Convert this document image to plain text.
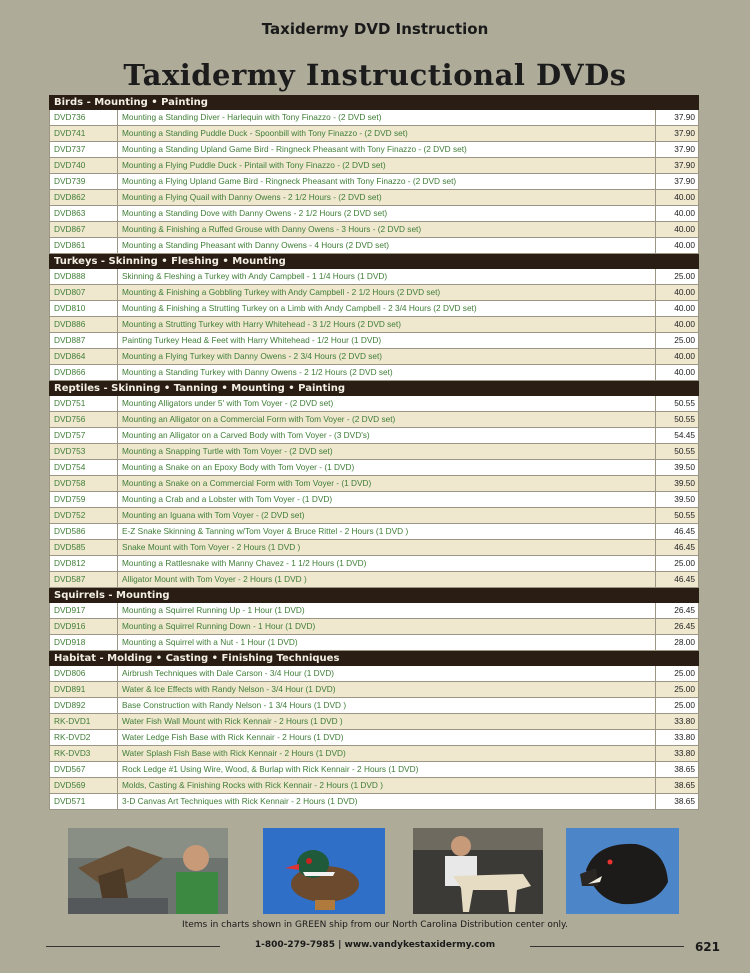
Taxidermy DVD Instruction
Taxidermy Instructional DVDs
Birds - Mounting • Painting
DVD736	Mounting a Standing Diver - Harlequin with Tony Finazzo - (2 DVD set)	37.90
DVD741	Mounting a Standing Puddle Duck - Spoonbill with Tony Finazzo - (2 DVD set)	37.90
DVD737	Mounting a Standing Upland Game Bird - Ringneck Pheasant with Tony Finazzo - (2 DVD set)	37.90
DVD740	Mounting a Flying Puddle Duck - Pintail with Tony Finazzo - (2 DVD set)	37.90
DVD739	Mounting a Flying Upland Game Bird - Ringneck Pheasant with Tony Finazzo - (2 DVD set)	37.90
DVD862	Mounting a Flying Quail with Danny Owens - 2 1/2 Hours - (2 DVD set)	40.00
DVD863	Mounting a Standing Dove with Danny Owens - 2 1/2 Hours (2 DVD set)	40.00
DVD867	Mounting & Finishing a Ruffed Grouse with Danny Owens - 3 Hours - (2 DVD set)	40.00
DVD861	Mounting a Standing Pheasant with Danny Owens - 4 Hours (2 DVD set)	40.00
Turkeys - Skinning • Fleshing • Mounting
DVD888	Skinning & Fleshing a Turkey with Andy Campbell - 1 1/4 Hours (1 DVD)	25.00
DVD807	Mounting & Finishing a Gobbling Turkey with Andy Campbell - 2 1/2 Hours (2 DVD set)	40.00
DVD810	Mounting & Finishing a Strutting Turkey on a Limb with Andy Campbell - 2 3/4 Hours (2 DVD set)	40.00
DVD886	Mounting a Strutting Turkey with Harry Whitehead - 3 1/2 Hours (2 DVD set)	40.00
DVD887	Painting Turkey Head & Feet with Harry Whitehead - 1/2 Hour (1 DVD)	25.00
DVD864	Mounting a Flying Turkey with Danny Owens - 2 3/4 Hours (2 DVD set)	40.00
DVD866	Mounting a Standing Turkey with Danny Owens - 2 1/2 Hours (2 DVD set)	40.00
Reptiles - Skinning • Tanning • Mounting • Painting
DVD751	Mounting Alligators under 5' with Tom Voyer - (2 DVD set)	50.55
DVD756	Mounting an Alligator on a Commercial Form with Tom Voyer - (2 DVD set)	50.55
DVD757	Mounting an Alligator on a Carved Body with Tom Voyer - (3 DVD's)	54.45
DVD753	Mounting a Snapping Turtle with Tom Voyer - (2 DVD set)	50.55
DVD754	Mounting a Snake on an Epoxy Body with Tom Voyer - (1 DVD)	39.50
DVD758	Mounting a Snake on a Commercial Form with Tom Voyer - (1 DVD)	39.50
DVD759	Mounting a Crab and a Lobster with Tom Voyer - (1 DVD)	39.50
DVD752	Mounting an Iguana with Tom Voyer - (2 DVD set)	50.55
DVD586	E-Z Snake Skinning & Tanning w/Tom Voyer & Bruce Rittel - 2 Hours (1 DVD )	46.45
DVD585	Snake Mount with Tom Voyer - 2 Hours (1 DVD )	46.45
DVD812	Mounting a Rattlesnake with Manny Chavez - 1 1/2 Hours (1 DVD)	25.00
DVD587	Alligator Mount with Tom Voyer - 2 Hours (1 DVD )	46.45
Squirrels - Mounting
DVD917	Mounting a Squirrel Running Up - 1 Hour (1 DVD)	26.45
DVD916	Mounting a Squirrel Running Down - 1 Hour (1 DVD)	26.45
DVD918	Mounting a Squirrel with a Nut - 1 Hour (1 DVD)	28.00
Habitat - Molding • Casting • Finishing Techniques
DVD806	Airbrush Techniques with Dale Carson - 3/4 Hour (1 DVD)	25.00
DVD891	Water & Ice Effects with Randy Nelson - 3/4 Hour (1 DVD)	25.00
DVD892	Base Construction with Randy Nelson - 1 3/4 Hours (1 DVD )	25.00
RK-DVD1	Water Fish Wall Mount with Rick Kennair - 2 Hours (1 DVD )	33.80
RK-DVD2	Water Ledge Fish Base with Rick Kennair - 2 Hours (1 DVD)	33.80
RK-DVD3	Water Splash Fish Base with Rick Kennair - 2 Hours (1 DVD)	33.80
DVD567	Rock Ledge #1 Using Wire, Wood, & Burlap with Rick Kennair - 2 Hours (1 DVD)	38.65
DVD569	Molds, Casting & Finishing Rocks with Rick Kennair - 2 Hours (1 DVD )	38.65
DVD571	3-D Canvas Art Techniques with Rick Kennair - 2 Hours (1 DVD)	38.65
Items in charts shown in GREEN ship from our North Carolina Distribution center only.
1-800-279-7985 | www.vandykestaxidermy.com	621
